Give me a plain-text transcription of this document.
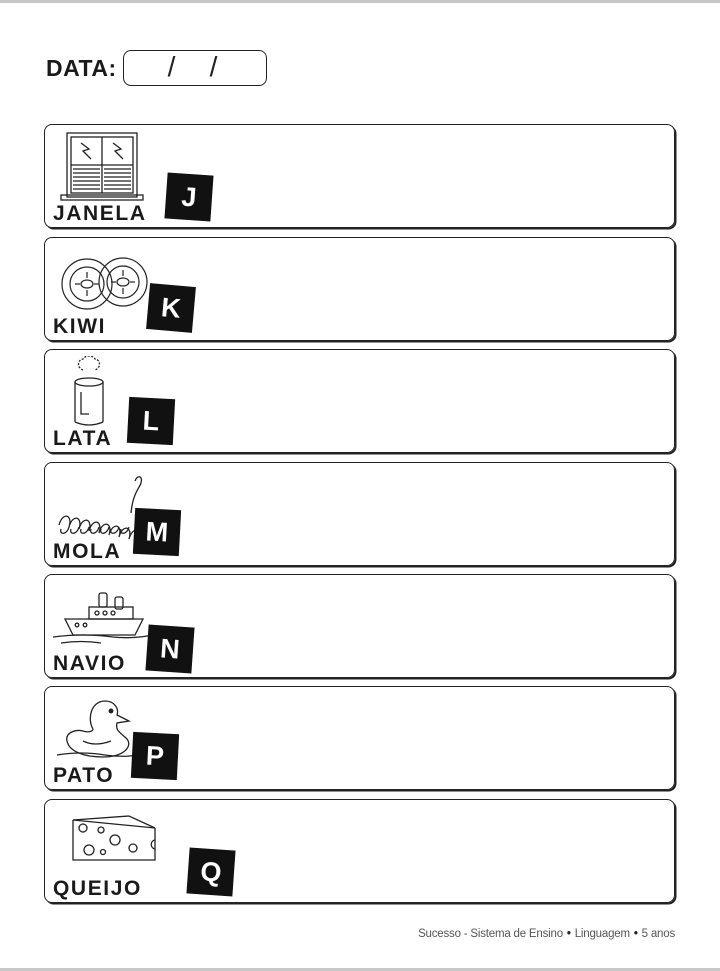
DATA: / /
JANELA
J
KIWI
K
LATA
L
MOLA
M
NAVIO N
PATO
P
QUEIJO
Q
Sucesso - Sistema de Ensino • Linguagem • 5 anos
